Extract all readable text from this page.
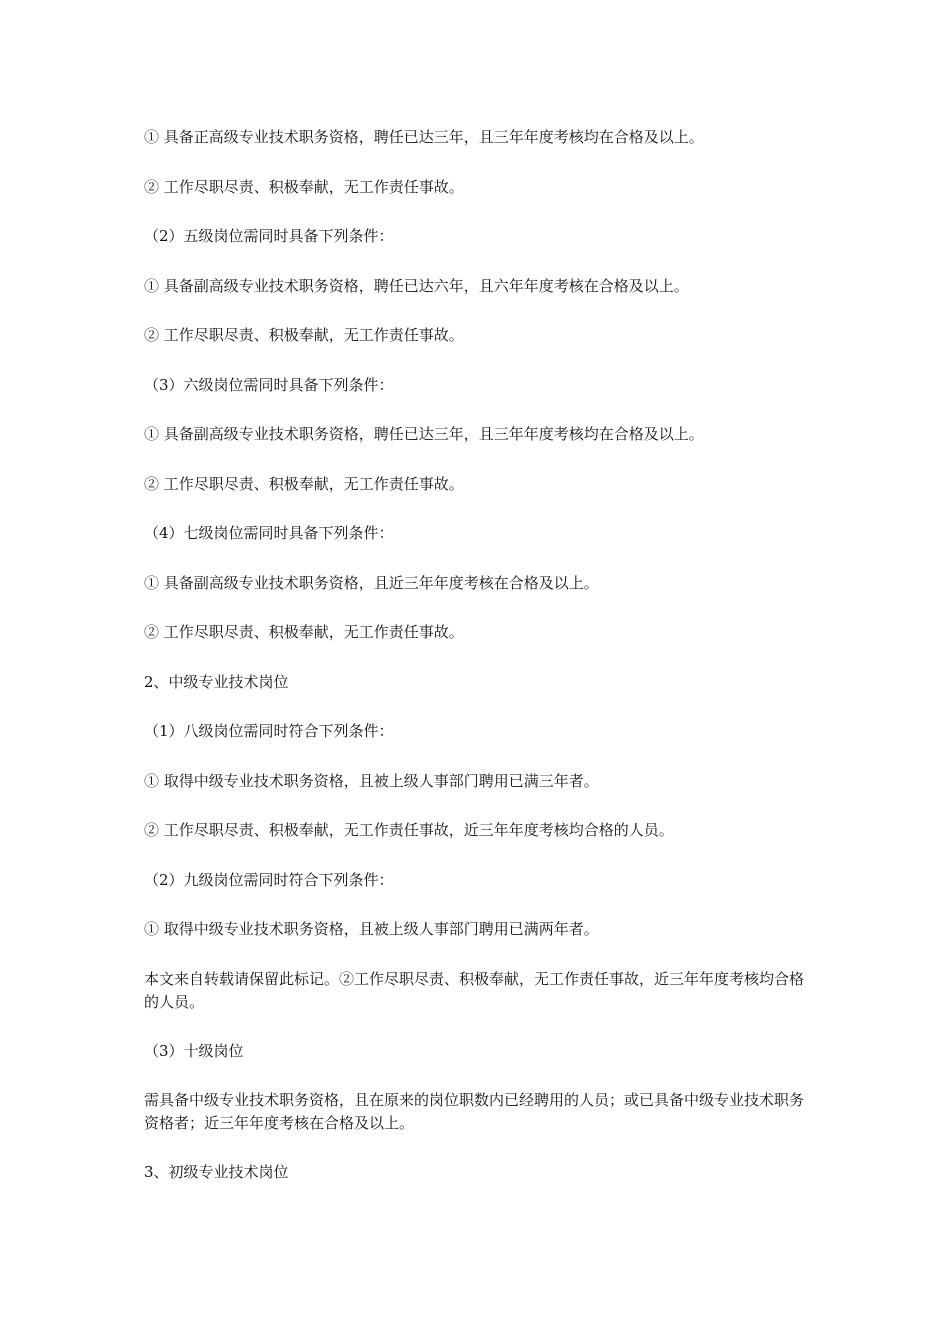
① 具备正高级专业技术职务资格，聘任已达三年，且三年年度考核均在合格及以上。

② 工作尽职尽责、积极奉献，无工作责任事故。

（2）五级岗位需同时具备下列条件：

① 具备副高级专业技术职务资格，聘任已达六年，且六年年度考核在合格及以上。

② 工作尽职尽责、积极奉献，无工作责任事故。

（3）六级岗位需同时具备下列条件：

① 具备副高级专业技术职务资格，聘任已达三年，且三年年度考核均在合格及以上。

② 工作尽职尽责、积极奉献，无工作责任事故。

（4）七级岗位需同时具备下列条件：

① 具备副高级专业技术职务资格，且近三年年度考核在合格及以上。

② 工作尽职尽责、积极奉献，无工作责任事故。

2、中级专业技术岗位

（1）八级岗位需同时符合下列条件：

① 取得中级专业技术职务资格，且被上级人事部门聘用已满三年者。

② 工作尽职尽责、积极奉献，无工作责任事故，近三年年度考核均合格的人员。

（2）九级岗位需同时符合下列条件：

① 取得中级专业技术职务资格，且被上级人事部门聘用已满两年者。

本文来自转载请保留此标记。②工作尽职尽责、积极奉献，无工作责任事故，近三年年度考核均合格的人员。

（3）十级岗位

需具备中级专业技术职务资格，且在原来的岗位职数内已经聘用的人员；或已具备中级专业技术职务资格者；近三年年度考核在合格及以上。

3、初级专业技术岗位
